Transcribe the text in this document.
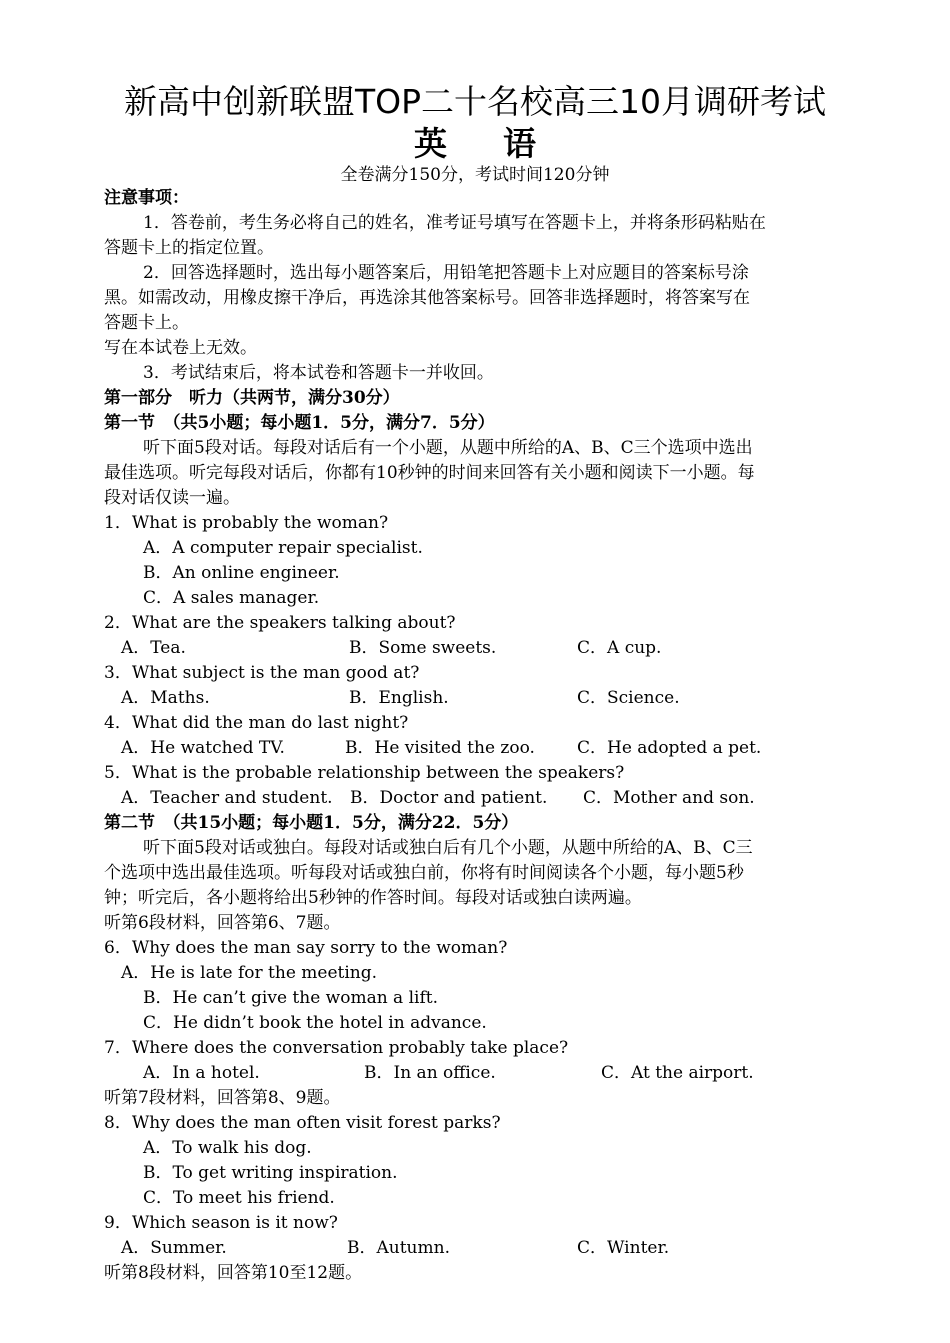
新高中创新联盟TOP二十名校高三10月调研考试
英语
全卷满分150分，考试时间120分钟
注意事项：
1．答卷前，考生务必将自己的姓名，准考证号填写在答题卡上，并将条形码粘贴在
答题卡上的指定位置。
2．回答选择题时，选出每小题答案后，用铅笔把答题卡上对应题目的答案标号涂
黑。如需改动，用橡皮擦干净后，再选涂其他答案标号。回答非选择题时，将答案写在
答题卡上。
写在本试卷上无效。
3．考试结束后，将本试卷和答题卡一并收回。
第一部分　听力（共两节，满分30分）
第一节　（共5小题；每小题1．5分，满分7．5分）
听下面5段对话。每段对话后有一个小题，从题中所给的A、B、C三个选项中选出
最佳选项。听完每段对话后，你都有10秒钟的时间来回答有关小题和阅读下一小题。每
段对话仅读一遍。
1．What is probably the woman?
A．A computer repair specialist.
B．An online engineer.
C．A sales manager.
2．What are the speakers talking about?
A．Tea.	B．Some sweets.	C．A cup.
3．What subject is the man good at?
A．Maths.	B．English.	C．Science.
4．What did the man do last night?
A．He watched TV.	B．He visited the zoo. C．He adopted a pet.
5．What is the probable relationship between the speakers?
A．Teacher and student. B．Doctor and patient. C．Mother and son.
第二节　（共15小题；每小题1．5分，满分22．5分）
听下面5段对话或独白。每段对话或独白后有几个小题，从题中所给的A、B、C三
个选项中选出最佳选项。听每段对话或独白前，你将有时间阅读各个小题，每小题5秒
钟；听完后，各小题将给出5秒钟的作答时间。每段对话或独白读两遍。
听第6段材料，回答第6、7题。
6．Why does the man say sorry to the woman?
A．He is late for the meeting.
B．He can’t give the woman a lift.
C．He didn’t book the hotel in advance.
7．Where does the conversation probably take place?
A．In a hotel.	B．In an office.	C．At the airport.
听第7段材料，回答第8、9题。
8．Why does the man often visit forest parks?
A．To walk his dog.
B．To get writing inspiration.
C．To meet his friend.
9．Which season is it now?
A．Summer.	B．Autumn.	C．Winter.
听第8段材料，回答第10至12题。
